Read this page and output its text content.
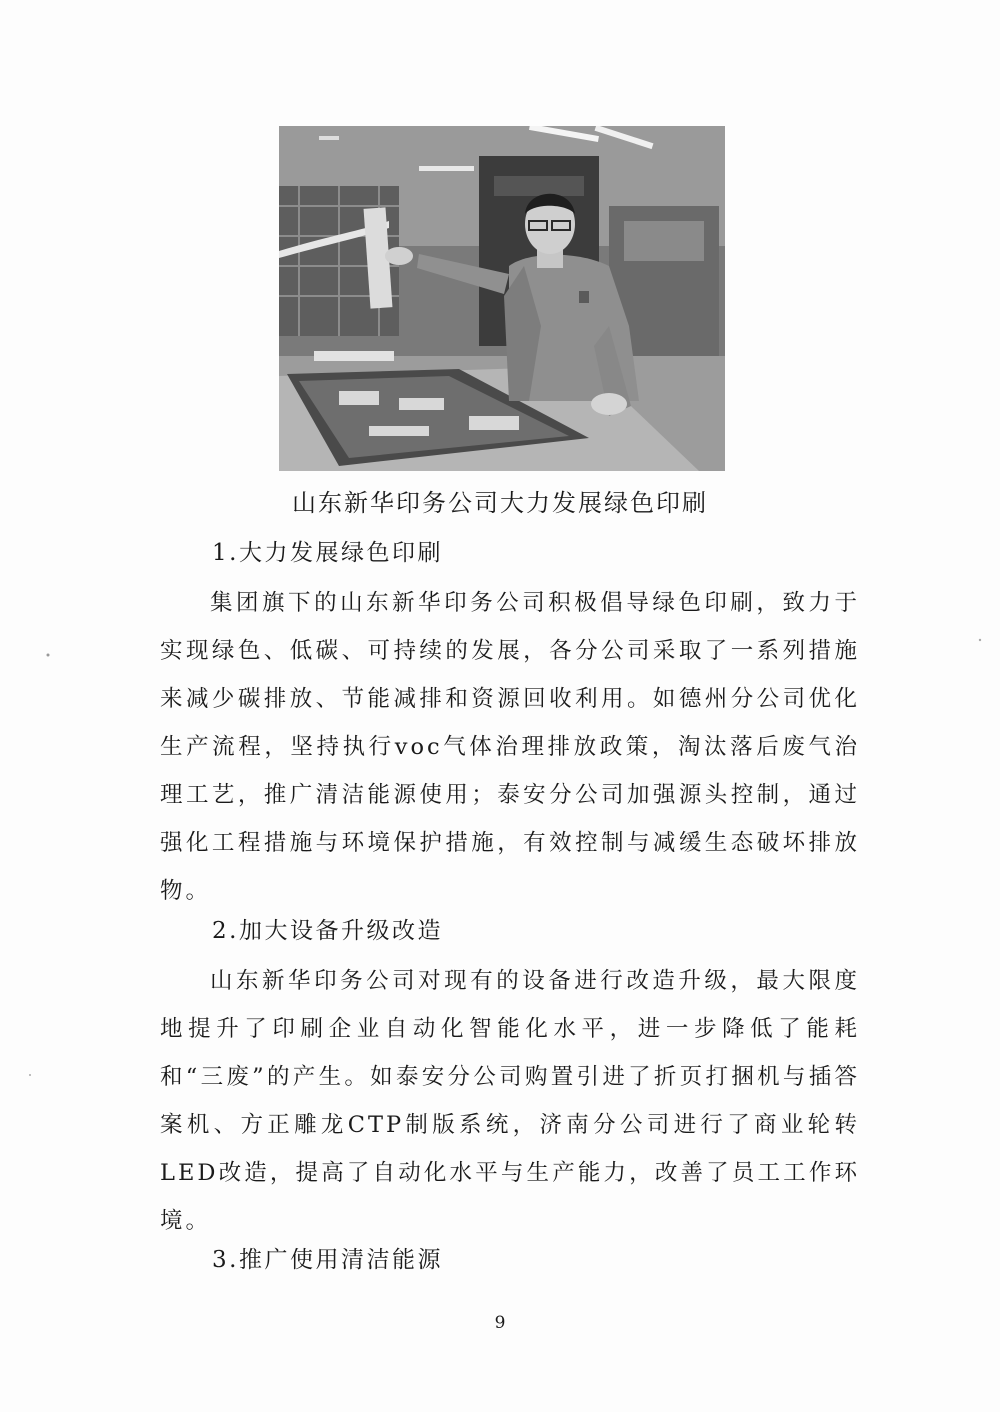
山东新华印务公司大力发展绿色印刷
1.大力发展绿色印刷

集团旗下的山东新华印务公司积极倡导绿色印刷，致力于实现绿色、低碳、可持续的发展，各分公司采取了一系列措施来减少碳排放、节能减排和资源回收利用。如德州分公司优化生产流程，坚持执行voc气体治理排放政策，淘汰落后废气治理工艺，推广清洁能源使用；泰安分公司加强源头控制，通过强化工程措施与环境保护措施，有效控制与减缓生态破坏排放物。

2.加大设备升级改造

山东新华印务公司对现有的设备进行改造升级，最大限度地提升了印刷企业自动化智能化水平，进一步降低了能耗和“三废”的产生。如泰安分公司购置引进了折页打捆机与插答案机、方正雕龙CTP制版系统，济南分公司进行了商业轮转LED改造，提高了自动化水平与生产能力，改善了员工工作环境。

3.推广使用清洁能源
9
